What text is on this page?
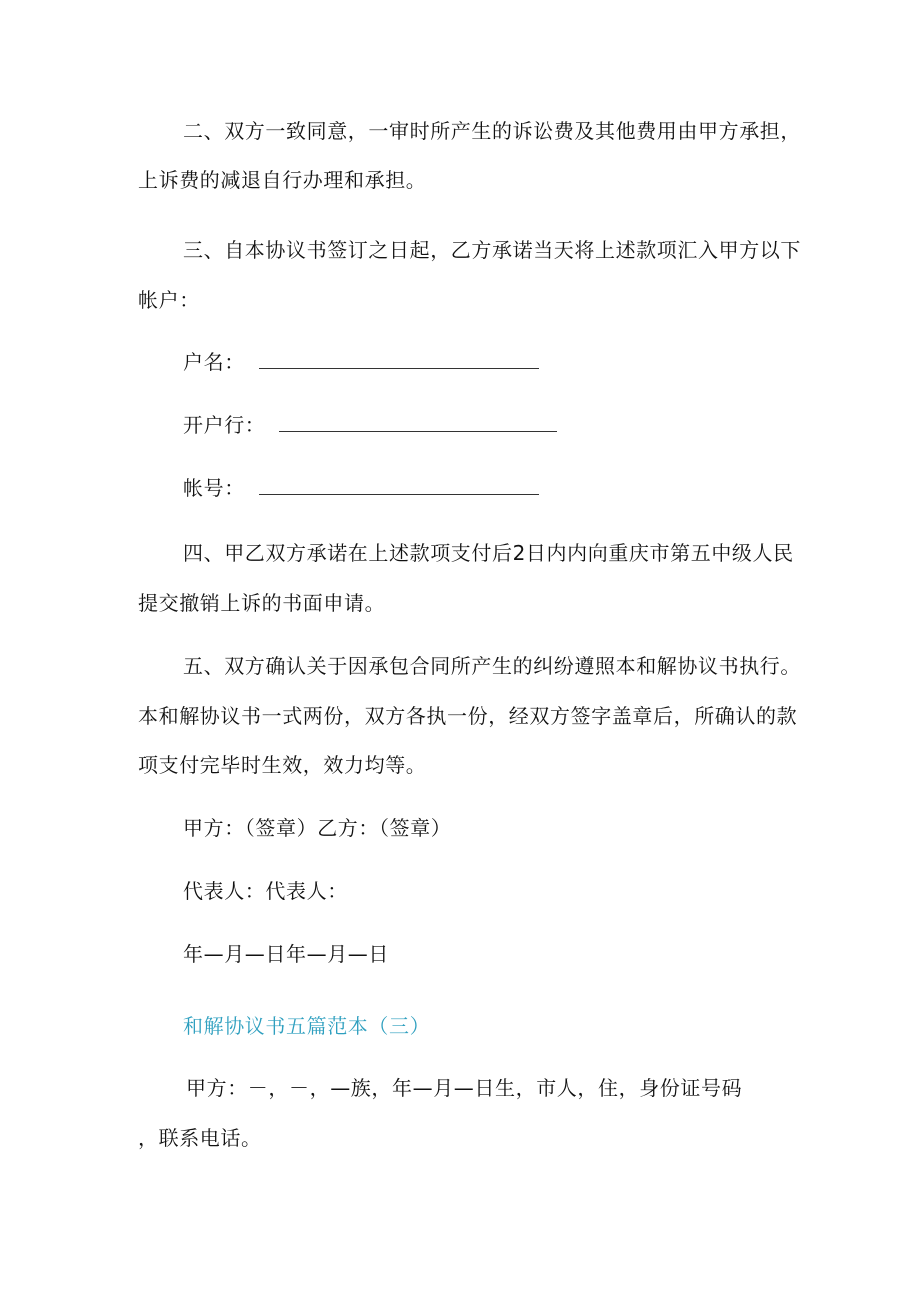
二、双方一致同意，一审时所产生的诉讼费及其他费用由甲方承担，
上诉费的减退自行办理和承担。
三、自本协议书签订之日起，乙方承诺当天将上述款项汇入甲方以下
帐户：
户名：
开户行：
帐号：
四、甲乙双方承诺在上述款项支付后2日内内向重庆市第五中级人民
提交撤销上诉的书面申请。
五、双方确认关于因承包合同所产生的纠纷遵照本和解协议书执行。
本和解协议书一式两份，双方各执一份，经双方签字盖章后，所确认的款
项支付完毕时生效，效力均等。
甲方：（签章）乙方：（签章）
代表人：代表人：
年—月—日年—月—日
和解协议书五篇范本（三）
甲方：－，－，—族，年—月—日生，市人，住，身份证号码
，联系电话。
